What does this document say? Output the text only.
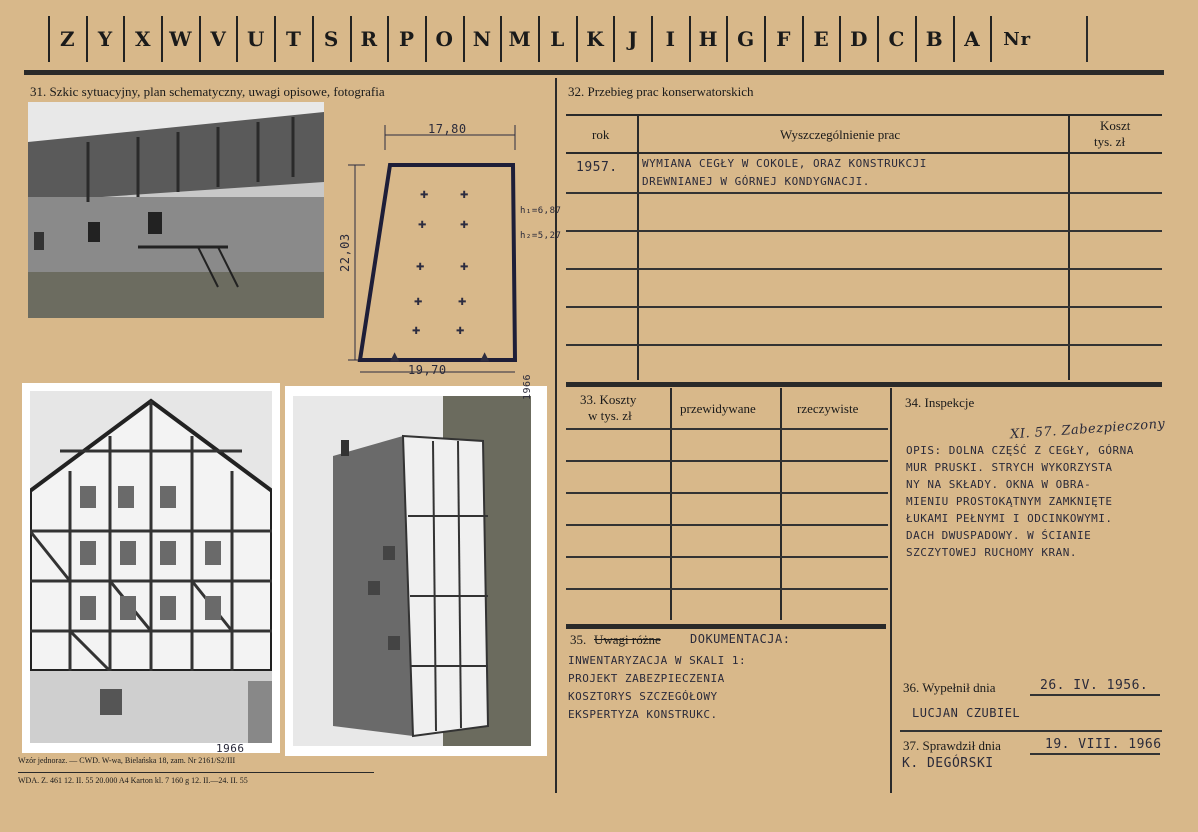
Z	Y	X W V	U	T	S	R	P	O N M L	K	J	I	H G	F	E	D	C	B	A	Nr
31. Szkic sytuacyjny, plan schematyczny, uwagi opisowe, fotografia
✚	✚
✚	✚
✚	✚
✚	✚
✚	✚
▲
▲
17,80
22,03
19,70
h₁=6,87
h₂=5,27
1966
1966
32. Przebieg prac konserwatorskich
rok	Wyszczególnienie prac
Koszt
tys. zł
1957. WYMIANA CEGŁY W COKOLE, ORAZ KONSTRUKCJI
DREWNIANEJ W GÓRNEJ KONDYGNACJI.
33. Koszty
w tys. zł	przewidywane	rzeczywiste	34. Inspekcje
XI. 57. Zabezpieczony
OPIS: DOLNA CZĘŚĆ Z CEGŁY, GÓRNA
MUR PRUSKI. STRYCH WYKORZYSTA
NY NA SKŁADY. OKNA W OBRA-
MIENIU PROSTOKĄTNYM ZAMKNIĘTE
ŁUKAMI PEŁNYMI I ODCINKOWYMI.
DACH DWUSPADOWY. W ŚCIANIE
SZCZYTOWEJ RUCHOMY KRAN.
35. Uwagi różne DOKUMENTACJA:
INWENTARYZACJA W SKALI 1:
PROJEKT ZABEZPIECZENIA
KOSZTORYS SZCZEGÓŁOWY
EKSPERTYZA KONSTRUKC.
36. Wypełnił dnia	26. IV. 1956.
LUCJAN CZUBIEL
37. Sprawdził dnia	19. VIII. 1966
K. DEGÓRSKI
Wzór jednoraz. — CWD. W-wa, Bielańska 18, zam. Nr 2161/S2/III
WDA. Z. 461 12. II. 55 20.000 A4 Karton kl. 7 160 g 12. II.—24. II. 55
